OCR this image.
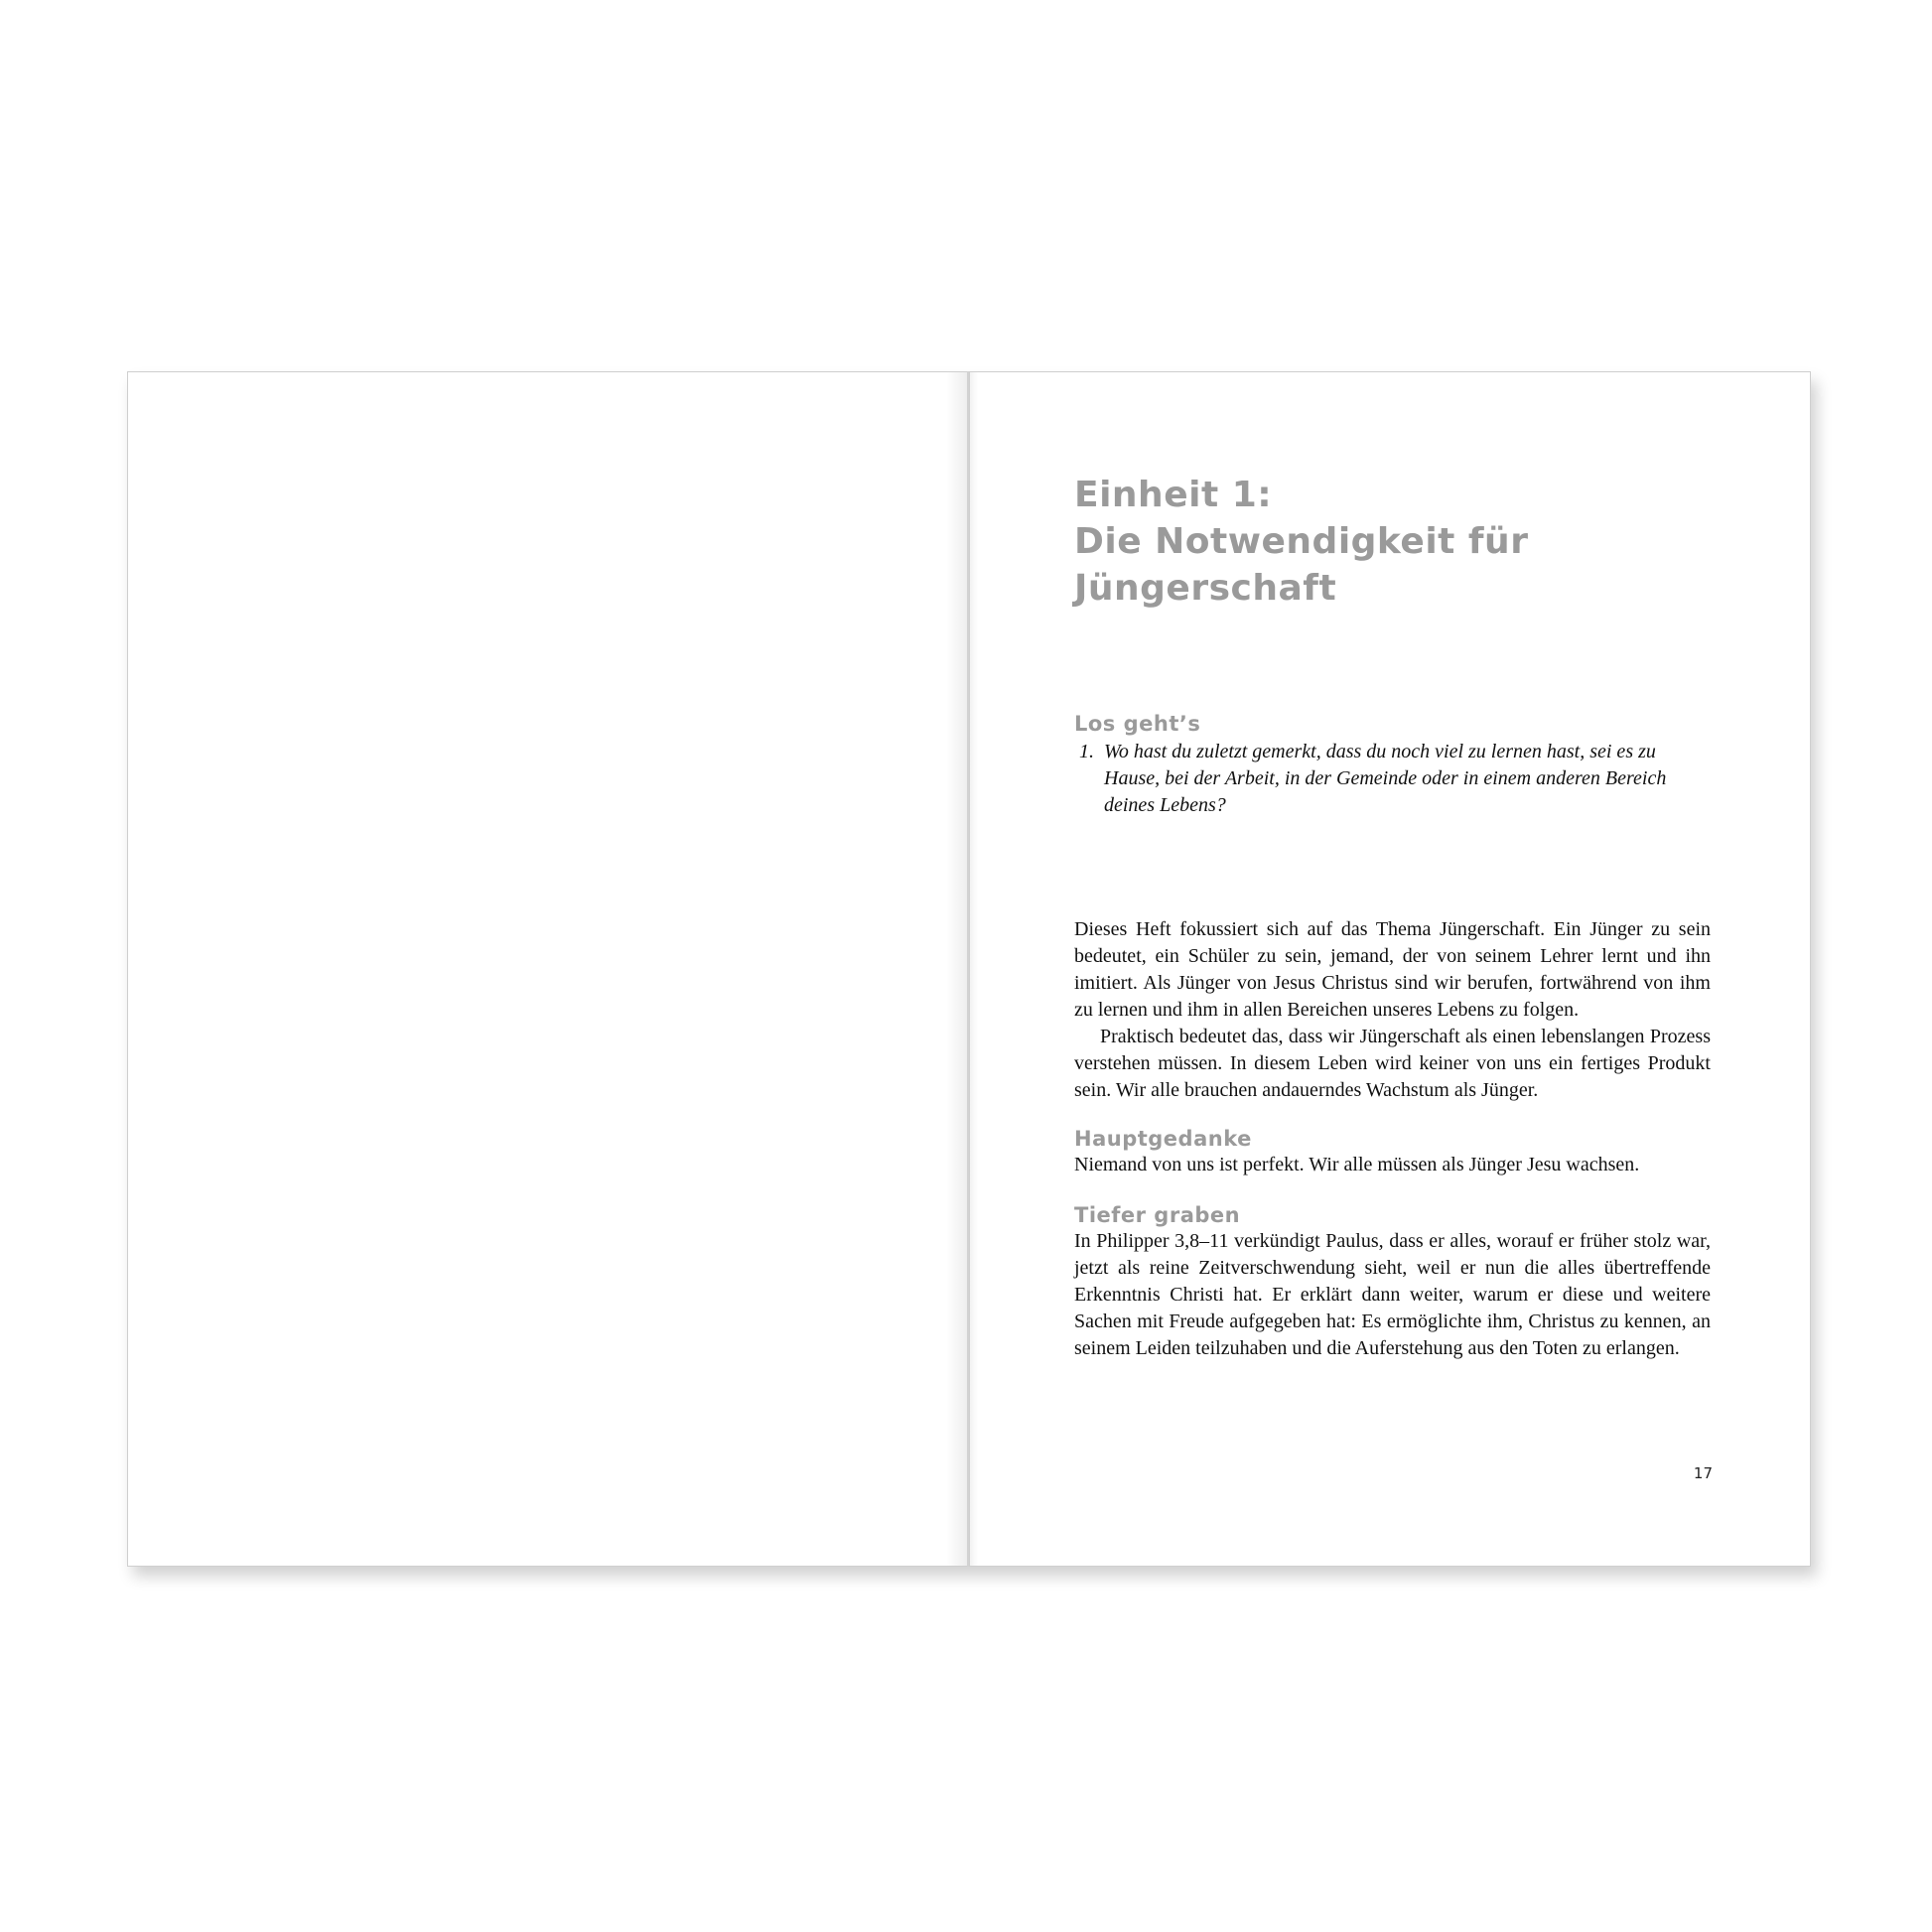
Einheit 1:
Die Notwendigkeit für
Jüngerschaft
Los geht’s
1. Wo hast du zuletzt gemerkt, dass du noch viel zu lernen hast, sei es zu Hause, bei der Arbeit, in der Gemeinde oder in einem anderen Bereich deines Lebens?

Dieses Heft fokussiert sich auf das Thema Jüngerschaft. Ein Jünger zu sein bedeutet, ein Schüler zu sein, jemand, der von seinem Lehrer lernt und ihn imitiert. Als Jünger von Jesus Christus sind wir berufen, fortwährend von ihm zu lernen und ihm in allen Bereichen unseres Lebens zu folgen.

Praktisch bedeutet das, dass wir Jüngerschaft als einen lebenslangen Prozess verstehen müssen. In diesem Leben wird keiner von uns ein fertiges Produkt sein. Wir alle brauchen andauerndes Wachstum als Jünger.

Hauptgedanke

Niemand von uns ist perfekt. Wir alle müssen als Jünger Jesu wachsen.

Tiefer graben

In Philipper 3,8–11 verkündigt Paulus, dass er alles, worauf er früher stolz war, jetzt als reine Zeitverschwendung sieht, weil er nun die alles übertreffende Erkenntnis Christi hat. Er erklärt dann weiter, warum er diese und weitere Sachen mit Freude aufgegeben hat: Es ermöglichte ihm, Christus zu kennen, an seinem Leiden teilzuhaben und die Auferstehung aus den Toten zu erlangen.

17
